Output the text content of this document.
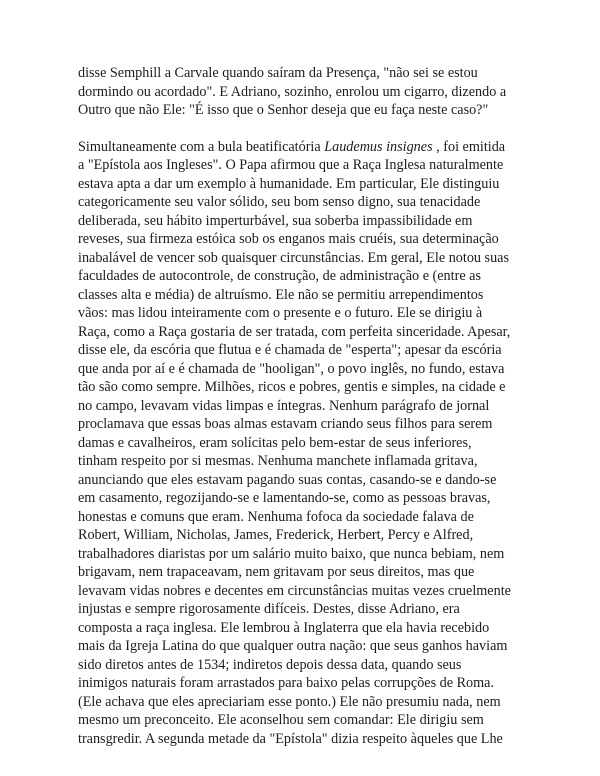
disse Semphill a Carvale quando saíram da Presença, "não sei se estou
dormindo ou acordado". E Adriano, sozinho, enrolou um cigarro, dizendo a
Outro que não Ele: "É isso que o Senhor deseja que eu faça neste caso?"

Simultaneamente com a bula beatificatória Laudemus insignes , foi emitida
a "Epístola aos Ingleses". O Papa afirmou que a Raça Inglesa naturalmente
estava apta a dar um exemplo à humanidade. Em particular, Ele distinguiu
categoricamente seu valor sólido, seu bom senso digno, sua tenacidade
deliberada, seu hábito imperturbável, sua soberba impassibilidade em
reveses, sua firmeza estóica sob os enganos mais cruéis, sua determinação
inabalável de vencer sob quaisquer circunstâncias. Em geral, Ele notou suas
faculdades de autocontrole, de construção, de administração e (entre as
classes alta e média) de altruísmo. Ele não se permitiu arrependimentos
vãos: mas lidou inteiramente com o presente e o futuro. Ele se dirigiu à
Raça, como a Raça gostaria de ser tratada, com perfeita sinceridade. Apesar,
disse ele, da escória que flutua e é chamada de "esperta"; apesar da escória
que anda por aí e é chamada de "hooligan", o povo inglês, no fundo, estava
tão são como sempre. Milhões, ricos e pobres, gentis e simples, na cidade e
no campo, levavam vidas limpas e íntegras. Nenhum parágrafo de jornal
proclamava que essas boas almas estavam criando seus filhos para serem
damas e cavalheiros, eram solícitas pelo bem-estar de seus inferiores,
tinham respeito por si mesmas. Nenhuma manchete inflamada gritava,
anunciando que eles estavam pagando suas contas, casando-se e dando-se
em casamento, regozijando-se e lamentando-se, como as pessoas bravas,
honestas e comuns que eram. Nenhuma fofoca da sociedade falava de
Robert, William, Nicholas, James, Frederick, Herbert, Percy e Alfred,
trabalhadores diaristas por um salário muito baixo, que nunca bebiam, nem
brigavam, nem trapaceavam, nem gritavam por seus direitos, mas que
levavam vidas nobres e decentes em circunstâncias muitas vezes cruelmente
injustas e sempre rigorosamente difíceis. Destes, disse Adriano, era
composta a raça inglesa. Ele lembrou à Inglaterra que ela havia recebido
mais da Igreja Latina do que qualquer outra nação: que seus ganhos haviam
sido diretos antes de 1534; indiretos depois dessa data, quando seus
inimigos naturais foram arrastados para baixo pelas corrupções de Roma.
(Ele achava que eles apreciariam esse ponto.) Ele não presumiu nada, nem
mesmo um preconceito. Ele aconselhou sem comandar: Ele dirigiu sem
transgredir. A segunda metade da "Epístola" dizia respeito àqueles que Lhe
